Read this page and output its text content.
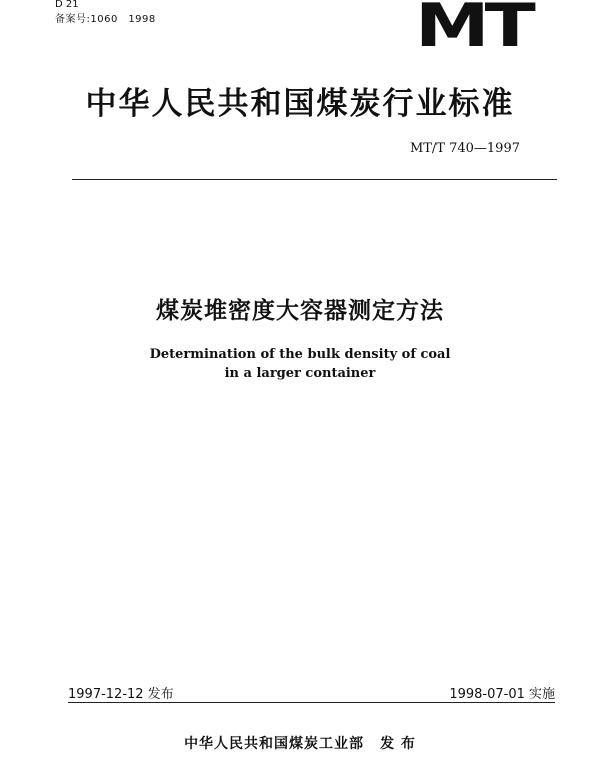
D 21
备案号:1060　1998	MT
中华人民共和国煤炭行业标准
MT/T 740—1997
煤炭堆密度大容器测定方法
Determination of the bulk density of coal
in a larger container
1997-12-12 发布	1998-07-01 实施
中华人民共和国煤炭工业部 发 布
